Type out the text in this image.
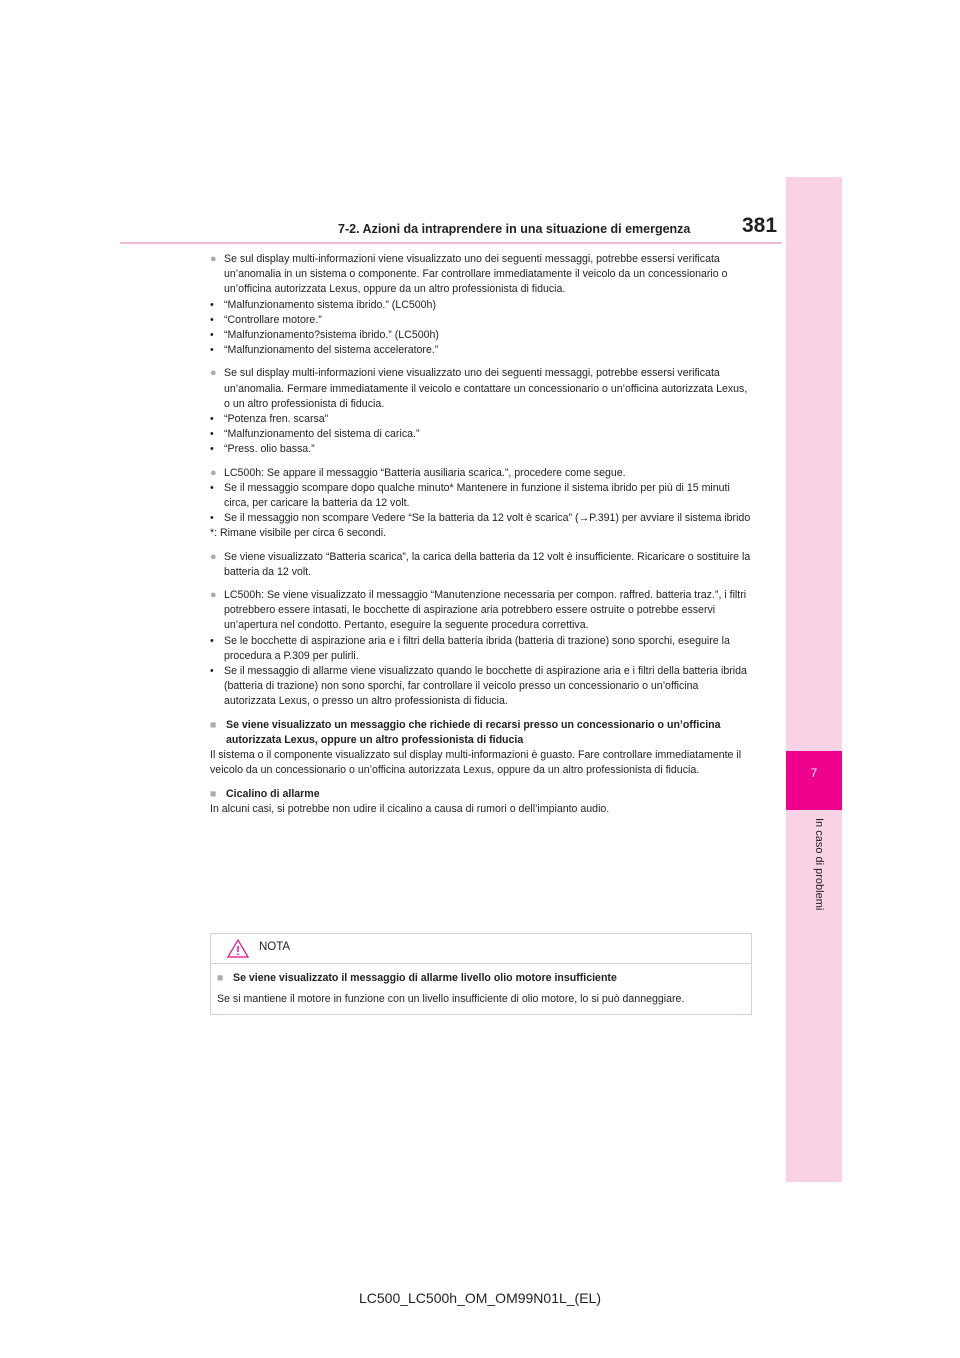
7-2. Azioni da intraprendere in una situazione di emergenza 381
7
In caso di problemi
● Se sul display multi-informazioni viene visualizzato uno dei seguenti messaggi, potrebbe essersi verificata un’anomalia in un sistema o componente. Far controllare immediatamente il veicolo da un concessionario o un’officina autorizzata Lexus, oppure da un altro professionista di fiducia.
• “Malfunzionamento sistema ibrido.” (LC500h)
• “Controllare motore.”
• “Malfunzionamento?sistema ibrido.” (LC500h)
• “Malfunzionamento del sistema acceleratore.”
● Se sul display multi-informazioni viene visualizzato uno dei seguenti messaggi, potrebbe essersi verificata un’anomalia. Fermare immediatamente il veicolo e contattare un concessionario o un’officina autorizzata Lexus, o un altro professionista di fiducia.
• “Potenza fren. scarsa”
• “Malfunzionamento del sistema di carica.”
• “Press. olio bassa.”
● LC500h: Se appare il messaggio “Batteria ausiliaria scarica.”, procedere come segue.
• Se il messaggio scompare dopo qualche minuto* Mantenere in funzione il sistema ibrido per più di 15 minuti circa, per caricare la batteria da 12 volt.
• Se il messaggio non scompare Vedere “Se la batteria da 12 volt è scarica” (→P.391) per avviare il sistema ibrido
*: Rimane visibile per circa 6 secondi.
● Se viene visualizzato “Batteria scarica”, la carica della batteria da 12 volt è insufficiente. Ricaricare o sostituire la batteria da 12 volt.
● LC500h: Se viene visualizzato il messaggio “Manutenzione necessaria per compon. raffred. batteria traz.”, i filtri potrebbero essere intasati, le bocchette di aspirazione aria potrebbero essere ostruite o potrebbe esservi un’apertura nel condotto. Pertanto, eseguire la seguente procedura correttiva.
• Se le bocchette di aspirazione aria e i filtri della batteria ibrida (batteria di trazione) sono sporchi, eseguire la procedura a P.309 per pulirli.
• Se il messaggio di allarme viene visualizzato quando le bocchette di aspirazione aria e i filtri della batteria ibrida (batteria di trazione) non sono sporchi, far controllare il veicolo presso un concessionario o un’officina autorizzata Lexus, o presso un altro professionista di fiducia.
■ Se viene visualizzato un messaggio che richiede di recarsi presso un concessionario o un’officina autorizzata Lexus, oppure un altro professionista di fiducia
Il sistema o il componente visualizzato sul display multi-informazioni è guasto. Fare controllare immediatamente il veicolo da un concessionario o un’officina autorizzata Lexus, oppure da un altro professionista di fiducia.
■ Cicalino di allarme
In alcuni casi, si potrebbe non udire il cicalino a causa di rumori o dell’impianto audio.
NOTA
■ Se viene visualizzato il messaggio di allarme livello olio motore insufficiente
Se si mantiene il motore in funzione con un livello insufficiente di olio motore, lo si può danneggiare.
LC500_LC500h_OM_OM99N01L_(EL)
